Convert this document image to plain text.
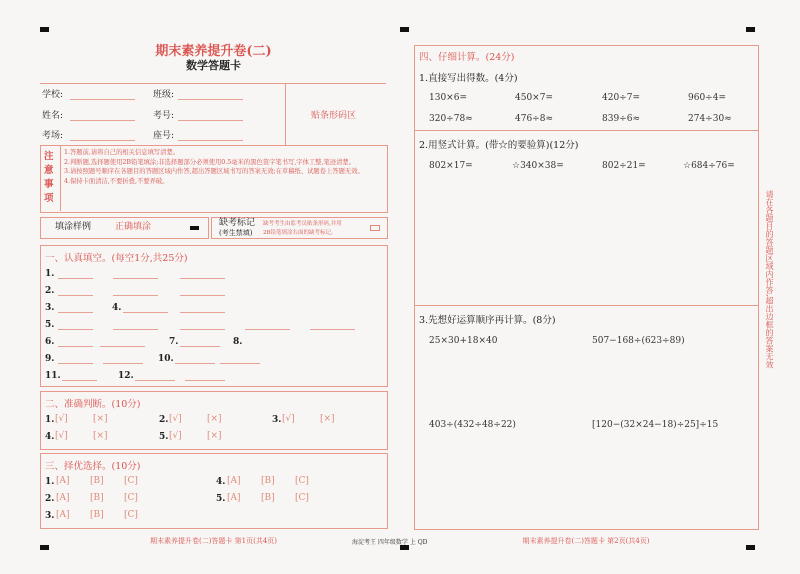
期末素养提升卷(二)
数学答题卡
贴条形码区
学校:	班级:
姓名:	考号:
考场:	座号:
注
意
事
项
1.答题前,请将自己的相关信息填写清楚。
2.判断题,选择题使用2B铅笔填涂;非选择题部分必须使用0.5毫米的黑色签字笔书写,字体工整,笔迹清楚。
3.请按照题号顺序在各题目的答题区域内作答,超出答题区域书写的答案无效;在草稿纸、试题卷上答题无效。
4.保持卡面清洁,不要折叠,不要弄破。
填涂样例	正确填涂	缺考标记
(考生禁填)
缺考考生由监考员贴条形码,并用
2B铅笔填涂右面的缺考标记。
一、认真填空。(每空1分,共25分)
1.
2.
3.	4.
5.
6.	7.	8.
9.	10.
11.	12.
二、准确判断。(10分)
1. [√]	[×]	2. [√]	[×]	3. [√]	[×]
4. [√]	[×]	5. [√]	[×]
三、择优选择。(10分)
1. [A] [B] [C]	4. [A] [B] [C]
2. [A] [B] [C]	5. [A] [B] [C]
3. [A] [B] [C]
期末素养提升卷(二)答题卡 第1页(共4页)	海淀考王 四年级数学 上 QD
四、仔细计算。(24分)
1.直接写出得数。(4分)
130×6=	450×7=	420÷7=	960÷4=
320÷78≈	476÷8≈	839÷6≈	274÷30≈
2.用竖式计算。(带☆的要验算)(12分)
802×17=	☆340×38=	802÷21=	☆684÷76=
3.先想好运算顺序再计算。(8分)
25×30+18×40	507−168÷(623÷89)
403÷(432÷48÷22)	[120−(32×24−18)÷25]÷15
请在各题目的答题区域内作答,超出边框的答案无效
期末素养提升卷(二)答题卡 第2页(共4页)
